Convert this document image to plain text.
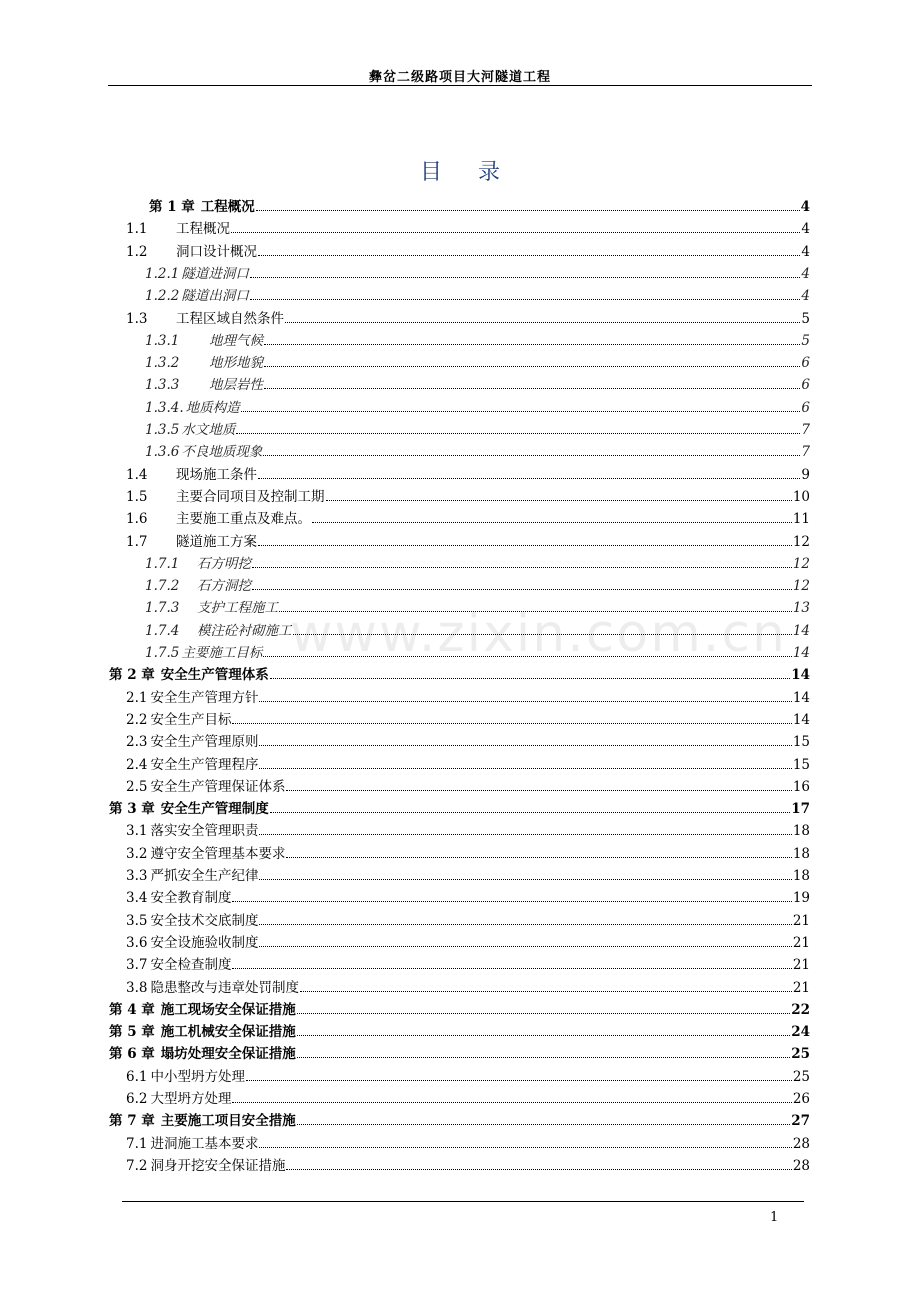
彝岔二级路项目大河隧道工程
目录
第 1 章 工程概况	4
1.1	工程概况	4
1.2	洞口设计概况	4
1.2.1 隧道进洞口	4
1.2.2 隧道出洞口	4
1.3	工程区域自然条件	5
1.3.1	地理气候	5
1.3.2	地形地貌	6
1.3.3	地层岩性	6
1.3.4. 地质构造	6
1.3.5 水文地质	7
1.3.6 不良地质现象	7
1.4	现场施工条件	9
1.5	主要合同项目及控制工期	10
1.6	主要施工重点及难点。	11
1.7	隧道施工方案	12
1.7.1	石方明挖	12
1.7.2	石方洞挖	12
1.7.3	支护工程施工	13
1.7.4	模注砼衬砌施工	14
1.7.5 主要施工目标	14
第 2 章 安全生产管理体系	14
2.1 安全生产管理方针	14
2.2 安全生产目标	14
2.3 安全生产管理原则	15
2.4 安全生产管理程序	15
2.5 安全生产管理保证体系	16
第 3 章 安全生产管理制度	17
3.1 落实安全管理职责	18
3.2 遵守安全管理基本要求	18
3.3 严抓安全生产纪律	18
3.4 安全教育制度	19
3.5 安全技术交底制度	21
3.6 安全设施验收制度	21
3.7 安全检查制度	21
3.8 隐患整改与违章处罚制度	21
第 4 章 施工现场安全保证措施	22
第 5 章 施工机械安全保证措施	24
第 6 章 塌坊处理安全保证措施	25
6.1 中小型坍方处理	25
6.2 大型坍方处理	26
第 7 章 主要施工项目安全措施	27
7.1 进洞施工基本要求	28
7.2 洞身开挖安全保证措施	28
www.zixin.com.cn
1
